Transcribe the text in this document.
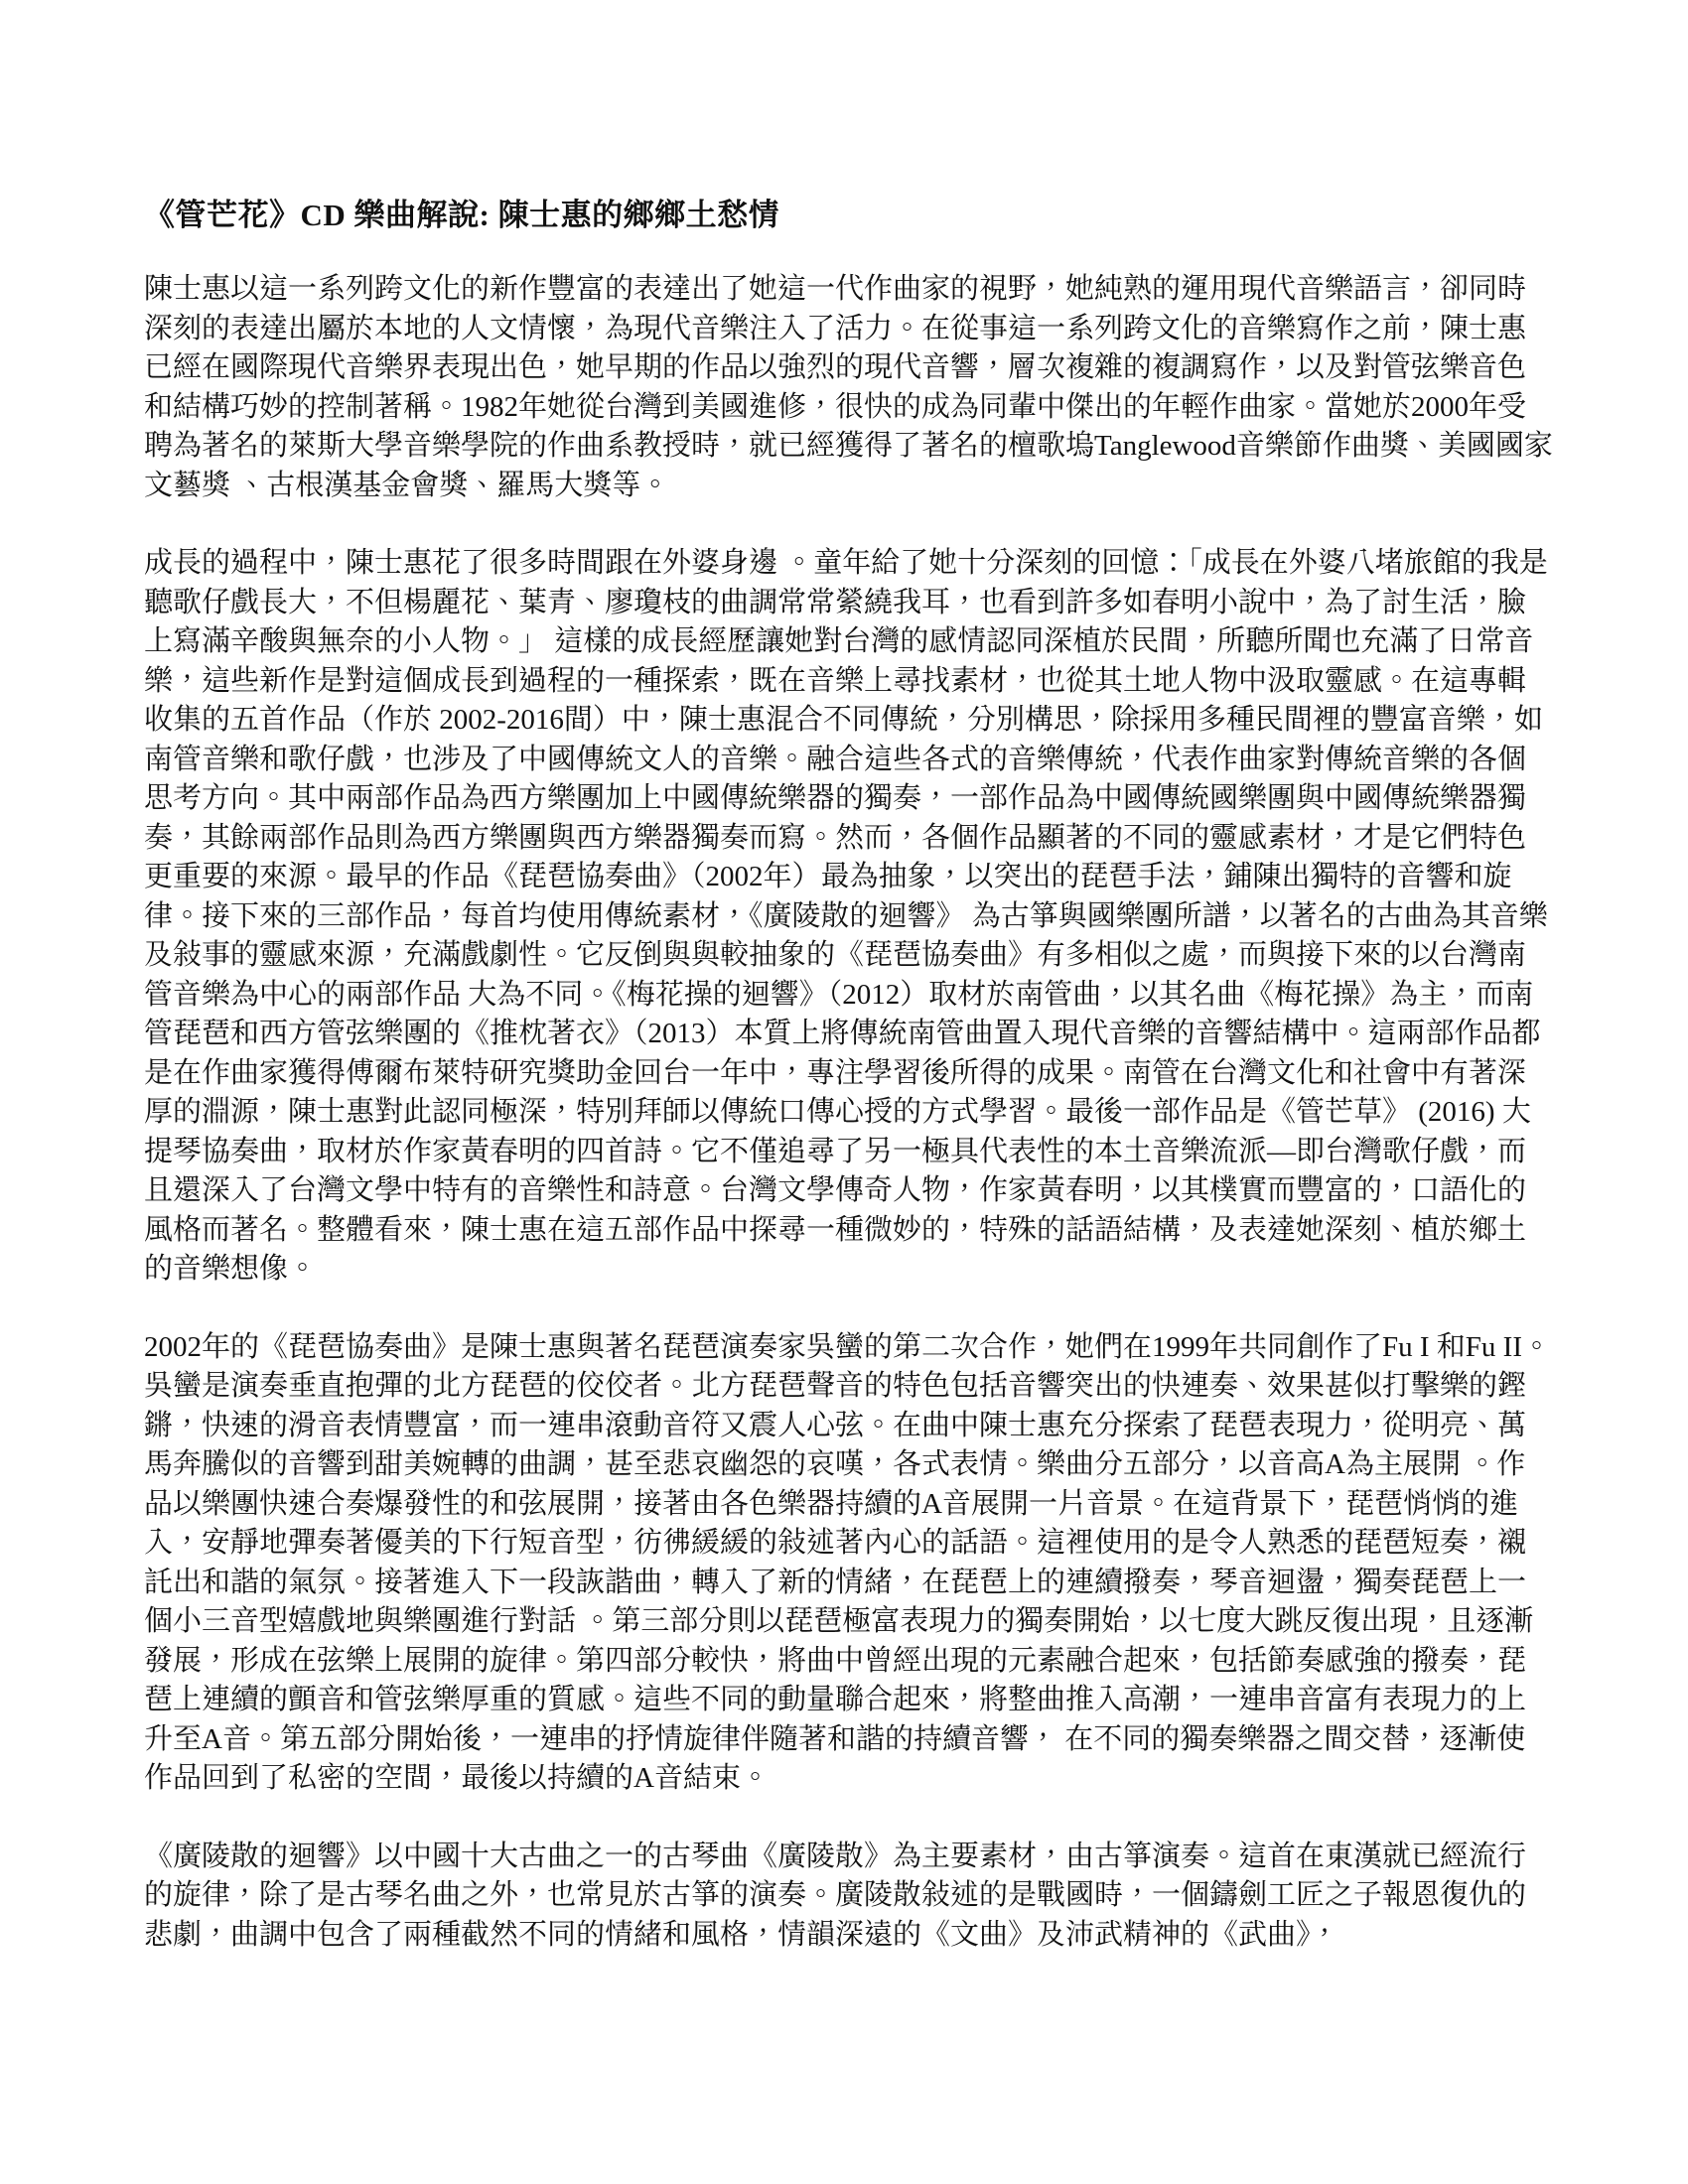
《管芒花》CD 樂曲解說: 陳士惠的鄉鄉土愁情

陳士惠以這一系列跨文化的新作豐富的表達出了她這一代作曲家的視野，她純熟的運用現代音樂語言，卻同時深刻的表達出屬於本地的人文情懷，為現代音樂注入了活力。在從事這一系列跨文化的音樂寫作之前，陳士惠已經在國際現代音樂界表現出色，她早期的作品以強烈的現代音響，層次複雜的複調寫作，以及對管弦樂音色和結構巧妙的控制著稱。1982年她從台灣到美國進修，很快的成為同輩中傑出的年輕作曲家。當她於2000年受聘為著名的萊斯大學音樂學院的作曲系教授時，就已經獲得了著名的檀歌塢Tanglewood音樂節作曲獎、美國國家文藝獎 、古根漢基金會獎、羅馬大獎等。

成長的過程中，陳士惠花了很多時間跟在外婆身邊 。童年給了她十分深刻的回憶：「成長在外婆八堵旅館的我是聽歌仔戲長大，不但楊麗花、葉青、廖瓊枝的曲調常常縈繞我耳，也看到許多如春明小說中，為了討生活，臉上寫滿辛酸與無奈的小人物。」 這樣的成長經歷讓她對台灣的感情認同深植於民間，所聽所聞也充滿了日常音樂，這些新作是對這個成長到過程的一種探索，既在音樂上尋找素材，也從其土地人物中汲取靈感。在這專輯收集的五首作品（作於 2002-2016間）中，陳士惠混合不同傳統，分別構思，除採用多種民間裡的豐富音樂，如南管音樂和歌仔戲，也涉及了中國傳統文人的音樂。融合這些各式的音樂傳統，代表作曲家對傳統音樂的各個思考方向。其中兩部作品為西方樂團加上中國傳統樂器的獨奏，一部作品為中國傳統國樂團與中國傳統樂器獨奏，其餘兩部作品則為西方樂團與西方樂器獨奏而寫。然而，各個作品顯著的不同的靈感素材，才是它們特色更重要的來源。最早的作品《琵琶協奏曲》（2002年）最為抽象，以突出的琵琶手法，鋪陳出獨特的音響和旋律。接下來的三部作品，每首均使用傳統素材，《廣陵散的迴響》 為古箏與國樂團所譜，以著名的古曲為其音樂及敍事的靈感來源，充滿戲劇性。它反倒與與較抽象的《琵琶協奏曲》有多相似之處，而與接下來的以台灣南管音樂為中心的兩部作品 大為不同。《梅花操的迴響》（2012）取材於南管曲，以其名曲《梅花操》為主，而南管琵琶和西方管弦樂團的《推枕著衣》（2013）本質上將傳統南管曲置入現代音樂的音響結構中。這兩部作品都是在作曲家獲得傅爾布萊特研究獎助金回台一年中，專注學習後所得的成果。南管在台灣文化和社會中有著深厚的淵源，陳士惠對此認同極深，特別拜師以傳統口傳心授的方式學習。最後一部作品是《管芒草》 (2016) 大提琴協奏曲，取材於作家黃春明的四首詩。它不僅追尋了另一極具代表性的本土音樂流派—即台灣歌仔戲，而且還深入了台灣文學中特有的音樂性和詩意。台灣文學傳奇人物，作家黃春明，以其樸實而豐富的，口語化的風格而著名。整體看來，陳士惠在這五部作品中探尋一種微妙的，特殊的話語結構，及表達她深刻、植於鄉土的音樂想像。

2002年的《琵琶協奏曲》是陳士惠與著名琵琶演奏家吳蠻的第二次合作，她們在1999年共同創作了Fu I 和Fu II。吳蠻是演奏垂直抱彈的北方琵琶的佼佼者。北方琵琶聲音的特色包括音響突出的快連奏、效果甚似打擊樂的鏗鏘，快速的滑音表情豐富，而一連串滾動音符又震人心弦。在曲中陳士惠充分探索了琵琶表現力，從明亮、萬馬奔騰似的音響到甜美婉轉的曲調，甚至悲哀幽怨的哀嘆，各式表情。樂曲分五部分，以音高A為主展開 。作品以樂團快速合奏爆發性的和弦展開，接著由各色樂器持續的A音展開一片音景。在這背景下，琵琶悄悄的進入，安靜地彈奏著優美的下行短音型，彷彿緩緩的敍述著內心的話語。這裡使用的是令人熟悉的琵琶短奏，襯託出和諧的氣氛。接著進入下一段詼諧曲，轉入了新的情緒，在琵琶上的連續撥奏，琴音迴盪，獨奏琵琶上一個小三音型嬉戲地與樂團進行對話 。第三部分則以琵琶極富表現力的獨奏開始，以七度大跳反復出現，且逐漸發展，形成在弦樂上展開的旋律。第四部分較快，將曲中曾經出現的元素融合起來，包括節奏感強的撥奏，琵琶上連續的顫音和管弦樂厚重的質感。這些不同的動量聯合起來，將整曲推入高潮，一連串音富有表現力的上升至A音。第五部分開始後，一連串的抒情旋律伴隨著和諧的持續音響， 在不同的獨奏樂器之間交替，逐漸使作品回到了私密的空間，最後以持續的A音結束。

《廣陵散的迴響》以中國十大古曲之一的古琴曲《廣陵散》為主要素材，由古箏演奏。這首在東漢就已經流行的旋律，除了是古琴名曲之外，也常見於古箏的演奏。廣陵散敍述的是戰國時，一個鑄劍工匠之子報恩復仇的悲劇，曲調中包含了兩種截然不同的情緒和風格，情韻深遠的《文曲》及沛武精神的《武曲》，
